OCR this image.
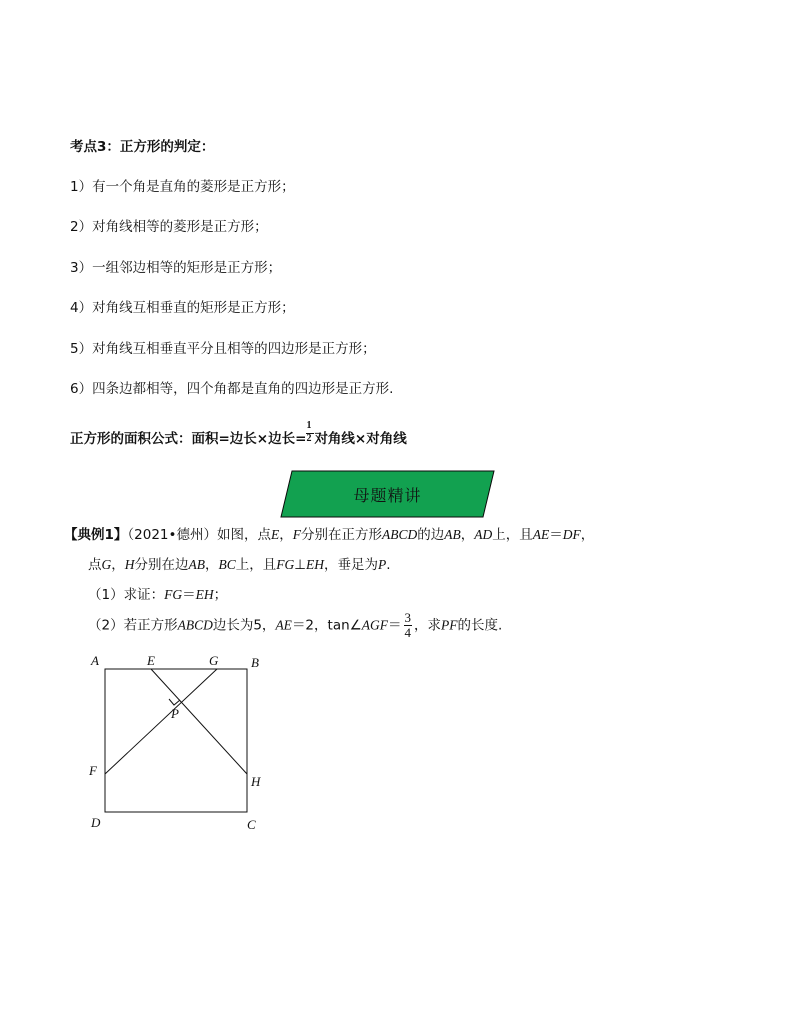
考点3：正方形的判定：
1）有一个角是直角的菱形是正方形；
2）对角线相等的菱形是正方形；
3）一组邻边相等的矩形是正方形；
4）对角线互相垂直的矩形是正方形；
5）对角线互相垂直平分且相等的四边形是正方形；
6）四条边都相等，四个角都是直角的四边形是正方形.
正方形的面积公式：面积=边长×边长= $\frac{1}{2}$ 对角线×对角线
母题精讲
【典例1】（2021•德州）如图，点E，F分别在正方形ABCD的边AB，AD上，且AE＝DF，
点G，H分别在边AB，BC上，且FG⊥EH，垂足为P.
（1）求证：FG＝EH；
（2）若正方形ABCD边长为5，AE＝2，tan∠AGF＝ $\frac{3}{4}$ ，求PF的长度.
A	E	G	B
P
F
H
D	C
